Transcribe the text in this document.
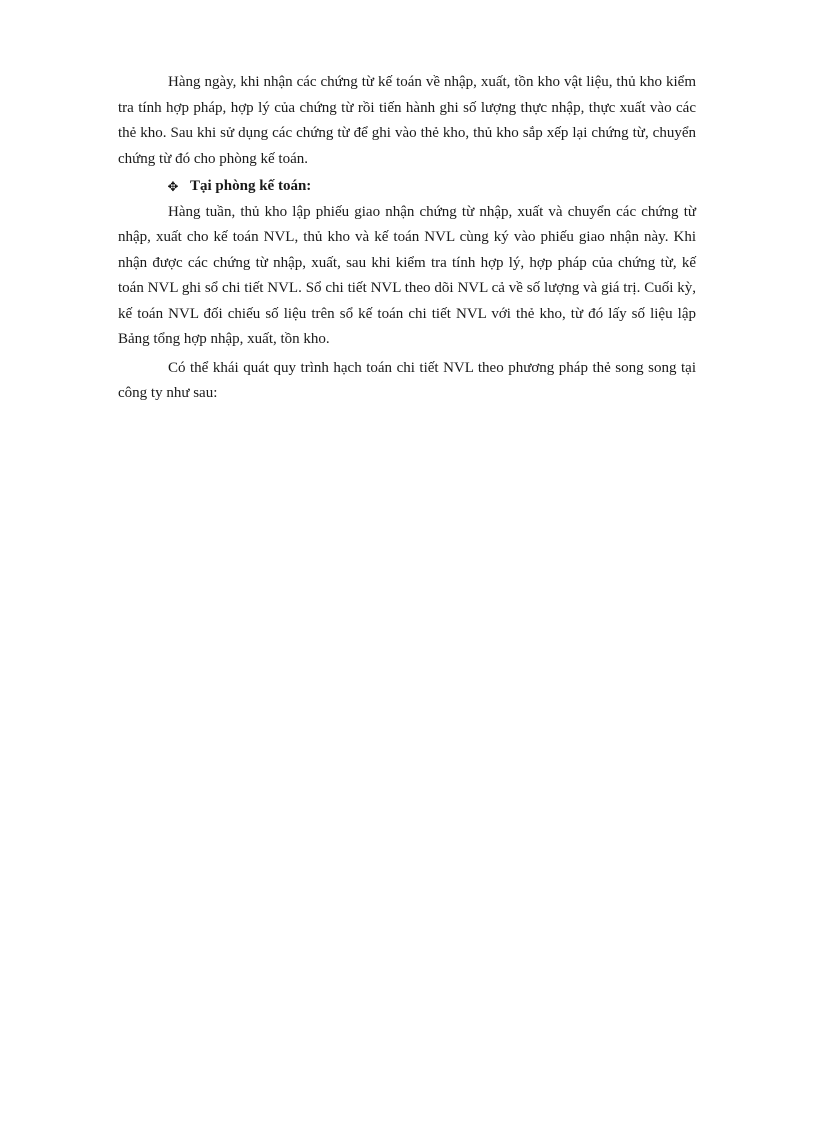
Hàng ngày, khi nhận các chứng từ kế toán về nhập, xuất, tồn kho vật liệu, thủ kho kiểm tra tính hợp pháp, hợp lý của chứng từ rồi tiến hành ghi số lượng thực nhập, thực xuất vào các thẻ kho. Sau khi sử dụng các chứng từ để ghi vào thẻ kho, thủ kho sắp xếp lại chứng từ, chuyển chứng từ đó cho phòng kế toán.

✥ Tại phòng kế toán:

Hàng tuần, thủ kho lập phiếu giao nhận chứng từ nhập, xuất và chuyển các chứng từ nhập, xuất cho kế toán NVL, thủ kho và kế toán NVL cùng ký vào phiếu giao nhận này. Khi nhận được các chứng từ nhập, xuất, sau khi kiểm tra tính hợp lý, hợp pháp của chứng từ, kế toán NVL ghi sổ chi tiết NVL. Sổ chi tiết NVL theo dõi NVL cả về số lượng và giá trị. Cuối kỳ, kế toán NVL đối chiếu số liệu trên sổ kế toán chi tiết NVL với thẻ kho, từ đó lấy số liệu lập Bảng tổng hợp nhập, xuất, tồn kho.

Có thể khái quát quy trình hạch toán chi tiết NVL theo phương pháp thẻ song song tại công ty như sau:
